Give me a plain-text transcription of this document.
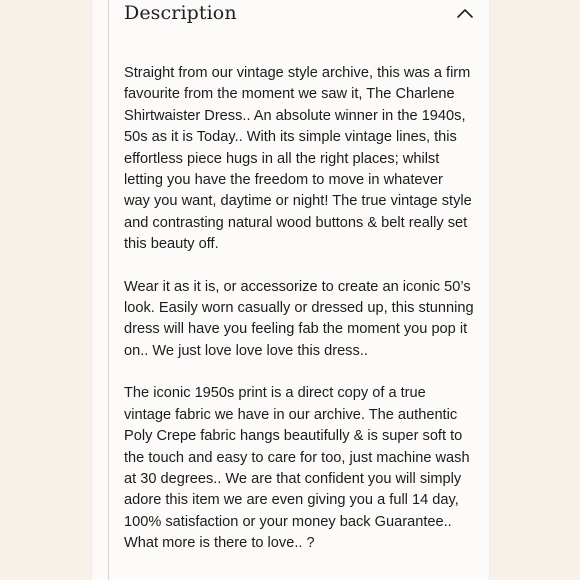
Description

Straight from our vintage style archive, this was a firm
favourite from the moment we saw it, The Charlene
Shirtwaister Dress.. An absolute winner in the 1940s,
50s as it is Today.. With its simple vintage lines, this
effortless piece hugs in all the right places; whilst
letting you have the freedom to move in whatever
way you want, daytime or night! The true vintage style
and contrasting natural wood buttons & belt really set
this beauty off.

Wear it as it is, or accessorize to create an iconic 50’s
look. Easily worn casually or dressed up, this stunning
dress will have you feeling fab the moment you pop it
on.. We just love love love this dress..

The iconic 1950s print is a direct copy of a true
vintage fabric we have in our archive. The authentic
Poly Crepe fabric hangs beautifully & is super soft to
the touch and easy to care for too, just machine wash
at 30 degrees.. We are that confident you will simply
adore this item we are even giving you a full 14 day,
100% satisfaction or your money back Guarantee..
What more is there to love.. ?
